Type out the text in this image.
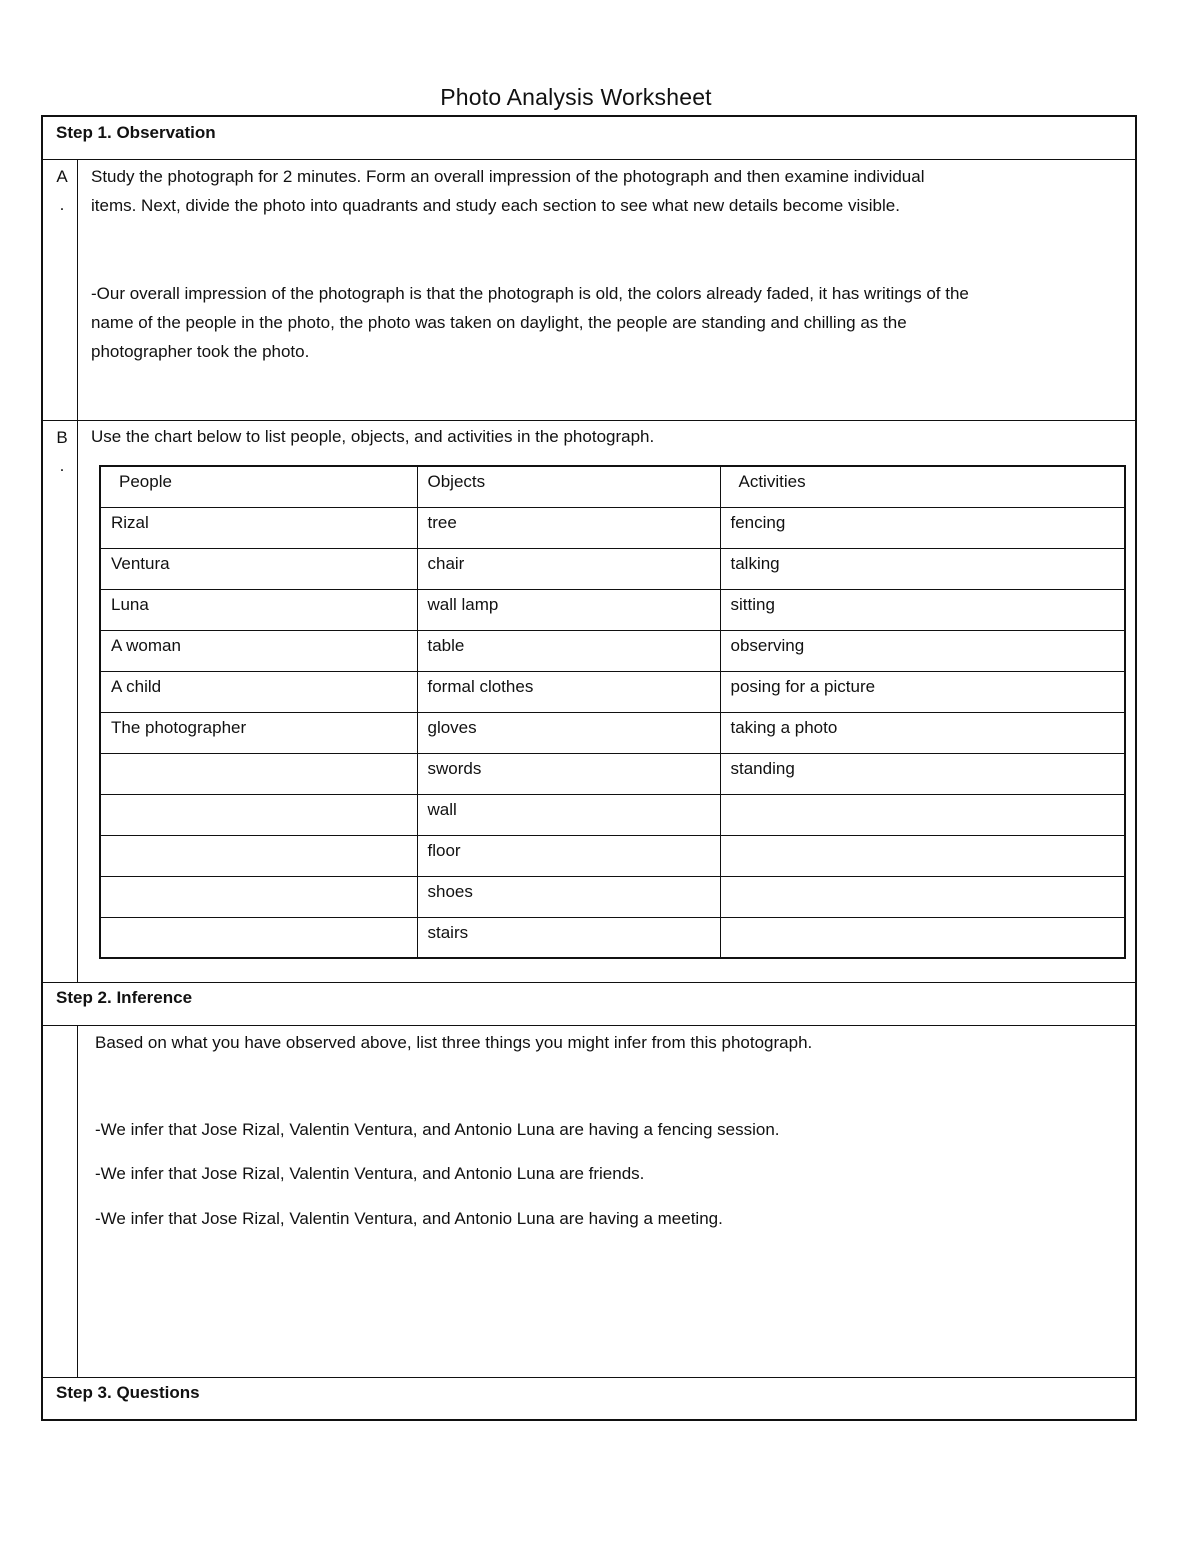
Photo Analysis Worksheet
Step 1. Observation
A
.
Study the photograph for 2 minutes. Form an overall impression of the photograph and then examine individual
items. Next, divide the photo into quadrants and study each section to see what new details become visible.
-Our overall impression of the photograph is that the photograph is old, the colors already faded, it has writings of the
name of the people in the photo, the photo was taken on daylight, the people are standing and chilling as the
photographer took the photo.
B
.
Use the chart below to list people, objects, and activities in the photograph.
People	Objects	Activities
Rizal	tree	fencing
Ventura	chair	talking
Luna	wall lamp	sitting
A woman	table	observing
A child	formal clothes	posing for a picture
The photographer	gloves	taking a photo
	swords	standing
	wall	
	floor	
	shoes	
	stairs	
Step 2. Inference
Based on what you have observed above, list three things you might infer from this photograph.
-We infer that Jose Rizal, Valentin Ventura, and Antonio Luna are having a fencing session.
-We infer that Jose Rizal, Valentin Ventura, and Antonio Luna are friends.
-We infer that Jose Rizal, Valentin Ventura, and Antonio Luna are having a meeting.
Step 3. Questions
